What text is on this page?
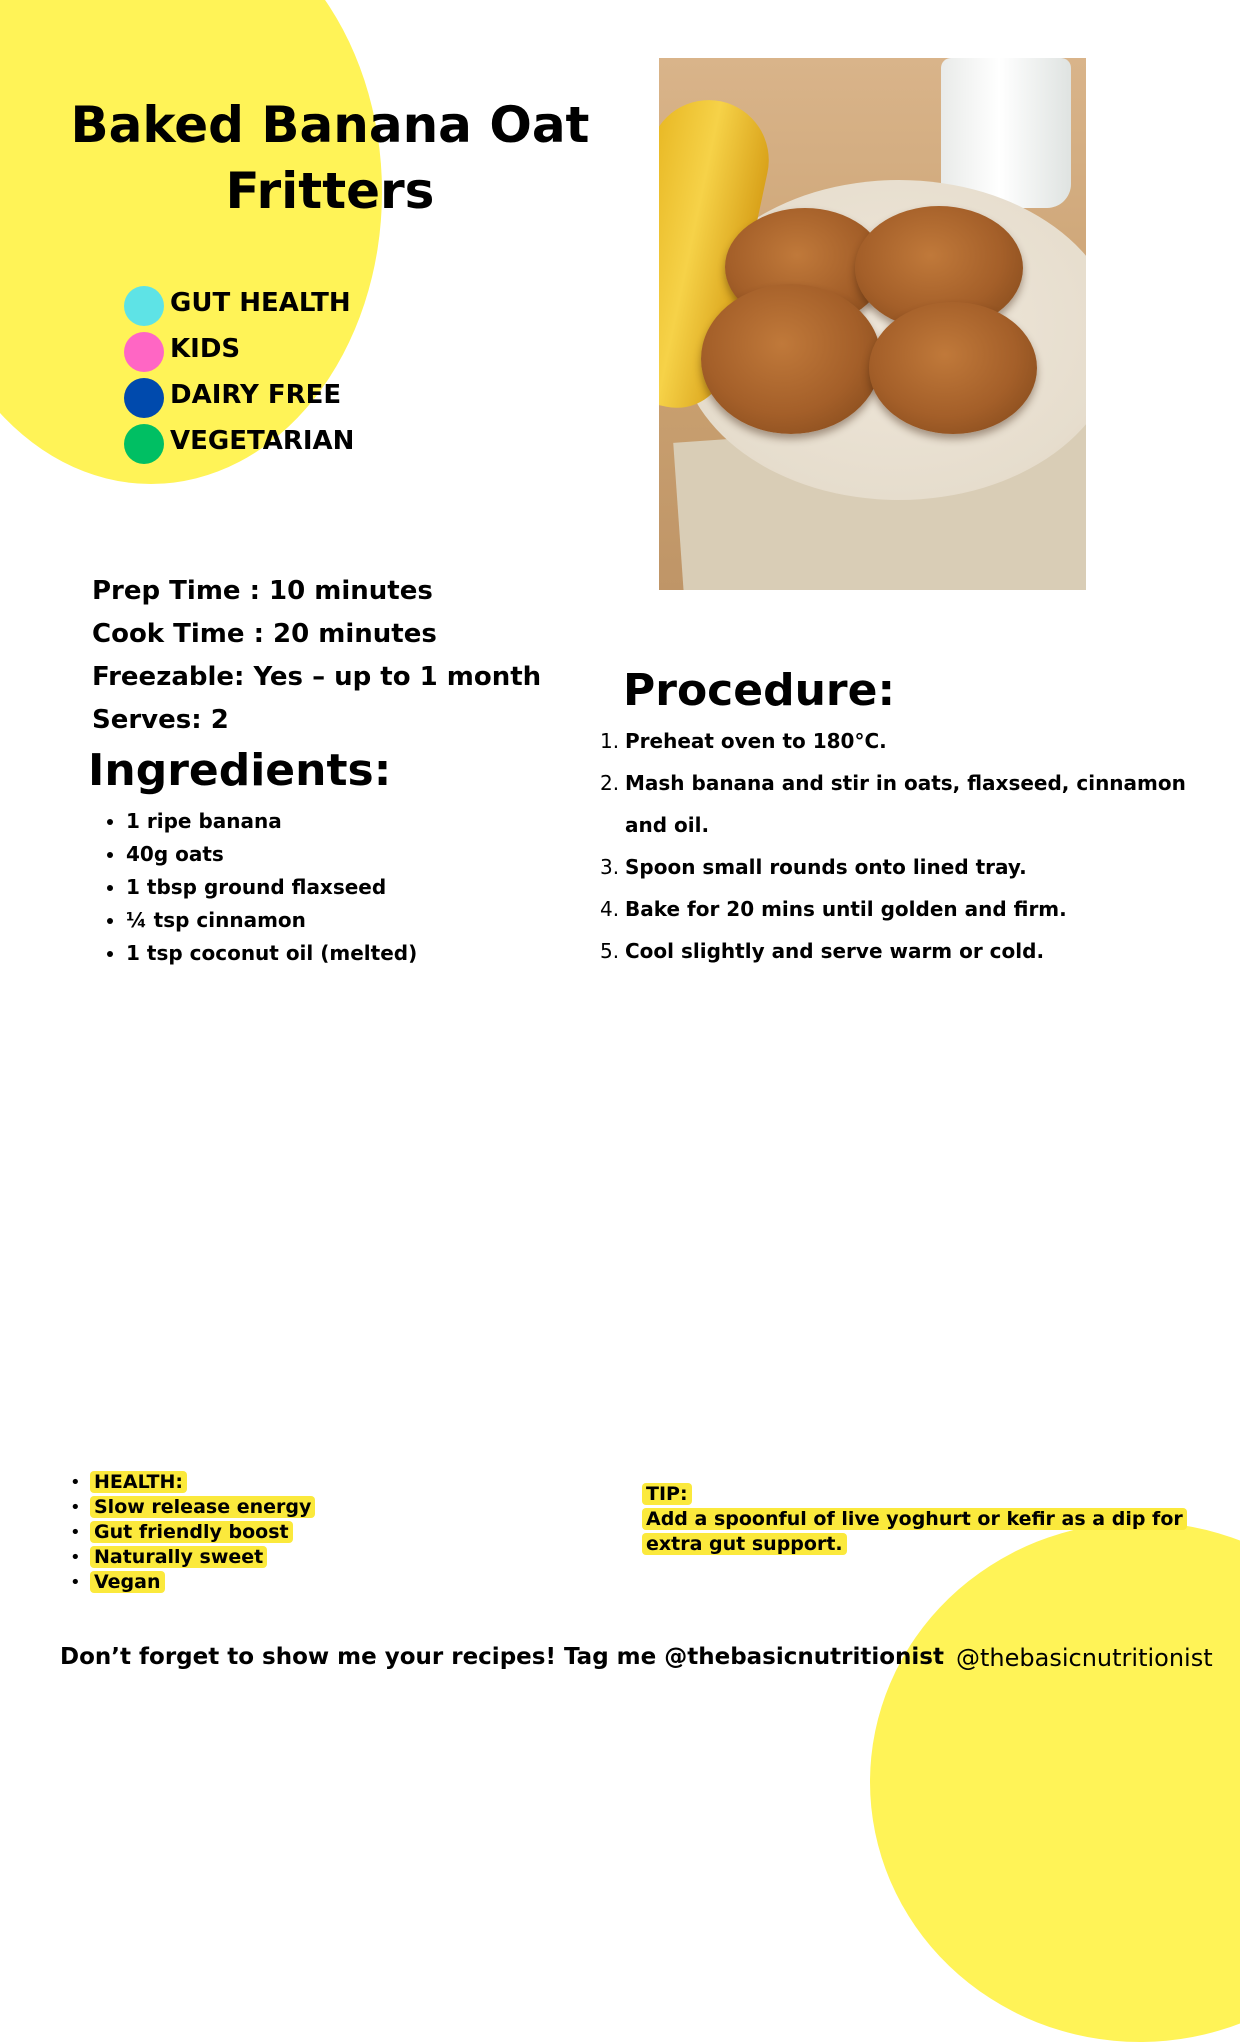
Baked Banana Oat
Fritters
GUT HEALTH
KIDS
DAIRY FREE
VEGETARIAN
Prep Time : 10 minutes
Cook Time : 20 minutes
Freezable: Yes – up to 1 month
Serves: 2
Ingredients:
• 1 ripe banana
• 40g oats
• 1 tbsp ground flaxseed
• ¼ tsp cinnamon
• 1 tsp coconut oil (melted)
Procedure:
1. Preheat oven to 180°C.
2. Mash banana and stir in oats, flaxseed, cinnamon and oil.
3. Spoon small rounds onto lined tray.
4. Bake for 20 mins until golden and firm.
5. Cool slightly and serve warm or cold.
• HEALTH:
• Slow release energy
• Gut friendly boost
• Naturally sweet
• Vegan

TIP:

Add a spoonful of live yoghurt or kefir as a dip for extra gut support.

Don’t forget to show me your recipes! Tag me @thebasicnutritionist @thebasicnutritionist
